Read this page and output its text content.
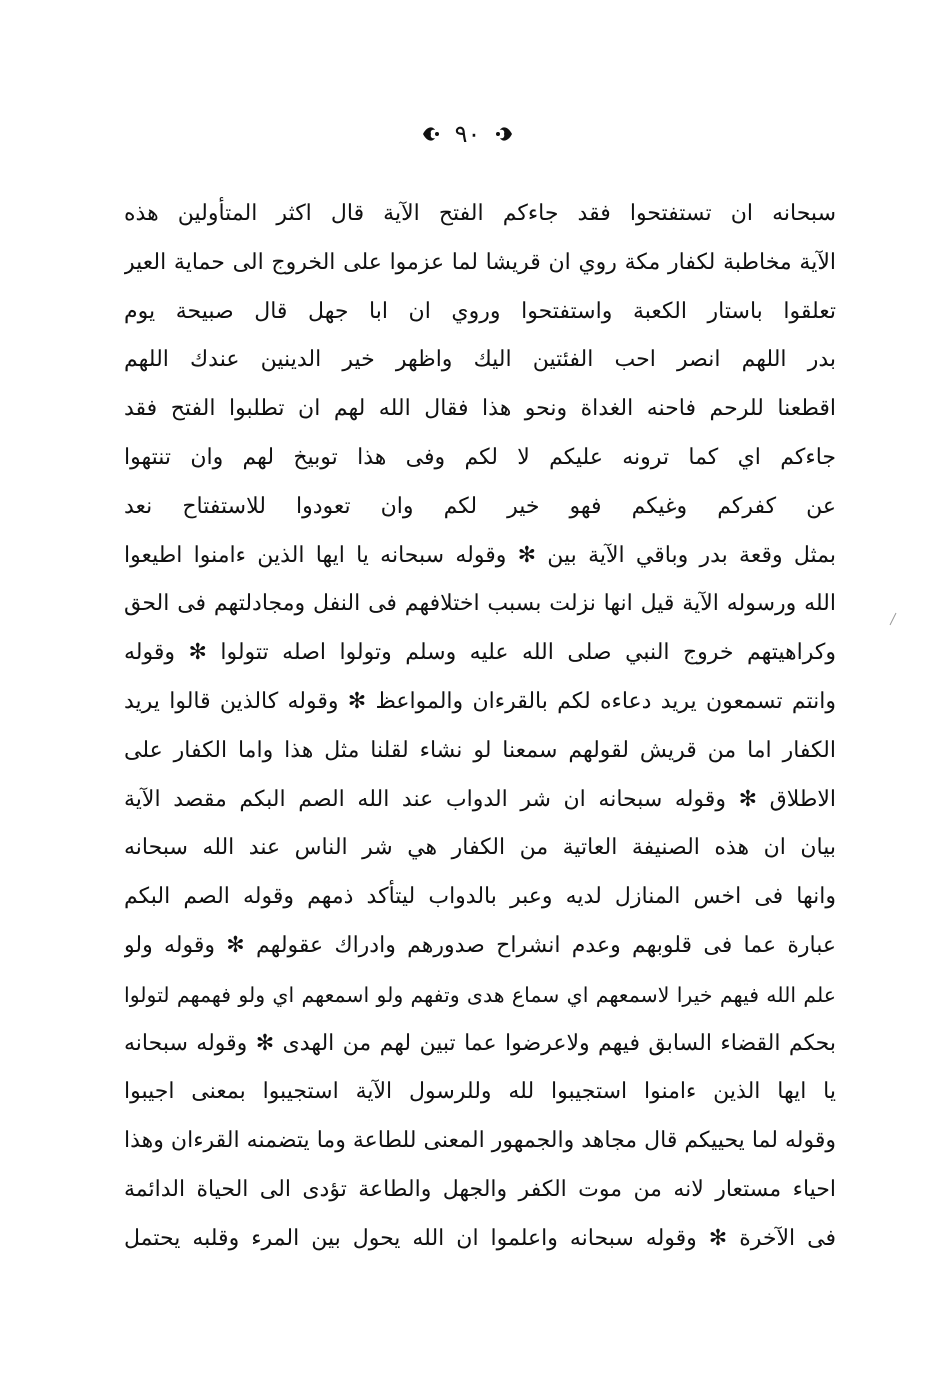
٩٠
سبحانه ان تستفتحوا فقد جاءكم الفتح الآية قال اكثر المتأولين هذه
الآية مخاطبة لكفار مكة روي ان قريشا لما عزموا على الخروج الى حماية العير
تعلقوا باستار الكعبة واستفتحوا وروي ان ابا جهل قال صبيحة يوم
بدر اللهم انصر احب الفئتين اليك واظهر خير الدينين عندك اللهم
اقطعنا للرحم فاحنه الغداة ونحو هذا فقال الله لهم ان تطلبوا الفتح فقد
جاءكم اي كما ترونه عليكم لا لكم وفى هذا توبيخ لهم وان تنتهوا
عن كفركم وغيكم فهو خير لكم وان تعودوا للاستفتاح نعد
بمثل وقعة بدر وباقي الآية بين ✻ وقوله سبحانه يا ايها الذين ءامنوا اطيعوا
الله ورسوله الآية قيل انها نزلت بسبب اختلافهم فى النفل ومجادلتهم فى الحق
وكراهيتهم خروج النبي صلى الله عليه وسلم وتولوا اصله تتولوا ✻ وقوله
وانتم تسمعون يريد دعاءه لكم بالقرءان والمواعظ ✻ وقوله كالذين قالوا يريد
الكفار اما من قريش لقولهم سمعنا لو نشاء لقلنا مثل هذا واما الكفار على
الاطلاق ✻ وقوله سبحانه ان شر الدواب عند الله الصم البكم مقصد الآية
بيان ان هذه الصنيفة العاتية من الكفار هي شر الناس عند الله سبحانه
وانها فى اخس المنازل لديه وعبر بالدواب ليتأكد ذمهم وقوله الصم البكم
عبارة عما فى قلوبهم وعدم انشراح صدورهم وادراك عقولهم ✻ وقوله ولو
علم الله فيهم خيرا لاسمعهم اي سماع هدى وتفهم ولو اسمعهم اي ولو فهمهم لتولوا
بحكم القضاء السابق فيهم ولاعرضوا عما تبين لهم من الهدى ✻ وقوله سبحانه
يا ايها الذين ءامنوا استجيبوا لله وللرسول الآية استجيبوا بمعنى اجيبوا
وقوله لما يحييكم قال مجاهد والجمهور المعنى للطاعة وما يتضمنه القرءان وهذا
احياء مستعار لانه من موت الكفر والجهل والطاعة تؤدى الى الحياة الدائمة
فى الآخرة ✻ وقوله سبحانه واعلموا ان الله يحول بين المرء وقلبه يحتمل
